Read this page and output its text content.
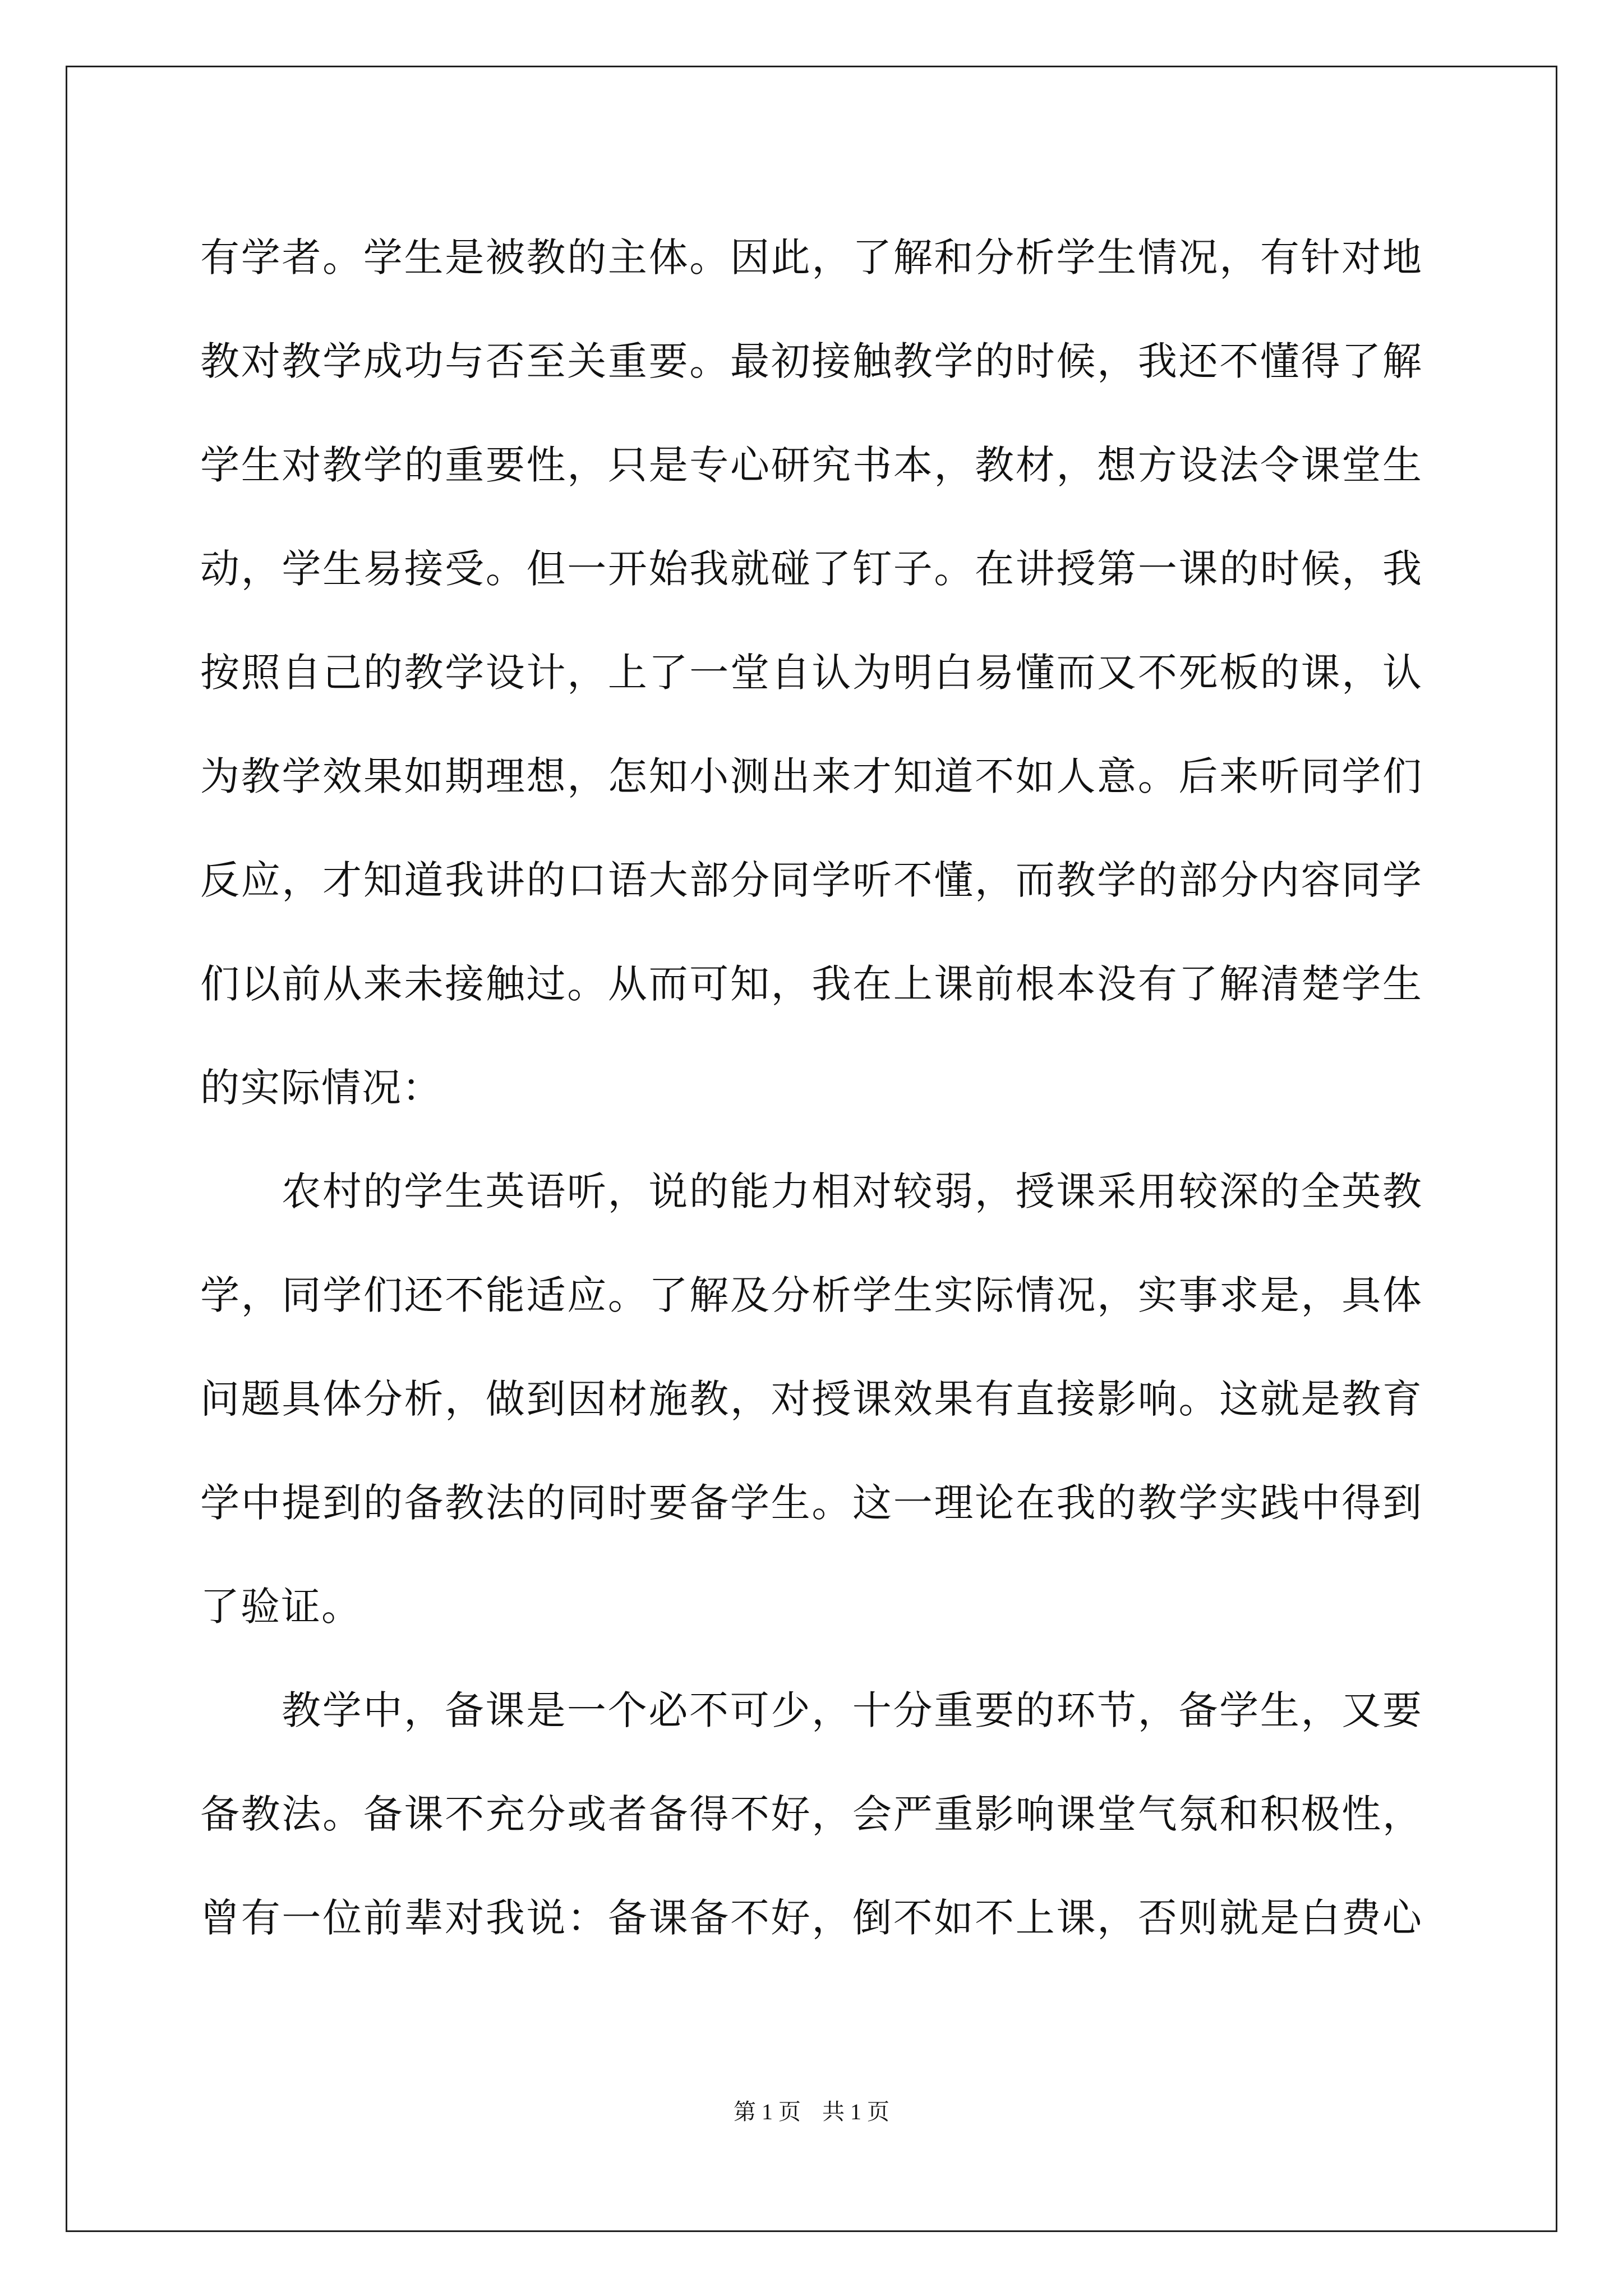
有学者。学生是被教的主体。因此，了解和分析学生情况，有针对地
教对教学成功与否至关重要。最初接触教学的时候，我还不懂得了解
学生对教学的重要性，只是专心研究书本，教材，想方设法令课堂生
动，学生易接受。但一开始我就碰了钉子。在讲授第一课的时候，我
按照自己的教学设计，上了一堂自认为明白易懂而又不死板的课，认
为教学效果如期理想，怎知小测出来才知道不如人意。后来听同学们
反应，才知道我讲的口语大部分同学听不懂，而教学的部分内容同学
们以前从来未接触过。从而可知，我在上课前根本没有了解清楚学生
的实际情况：
农村的学生英语听，说的能力相对较弱，授课采用较深的全英教
学，同学们还不能适应。了解及分析学生实际情况，实事求是，具体
问题具体分析，做到因材施教，对授课效果有直接影响。这就是教育
学中提到的备教法的同时要备学生。这一理论在我的教学实践中得到
了验证。
教学中，备课是一个必不可少，十分重要的环节，备学生，又要
备教法。备课不充分或者备得不好，会严重影响课堂气氛和积极性，
曾有一位前辈对我说：备课备不好，倒不如不上课，否则就是白费心
第 1 页 共 1 页
